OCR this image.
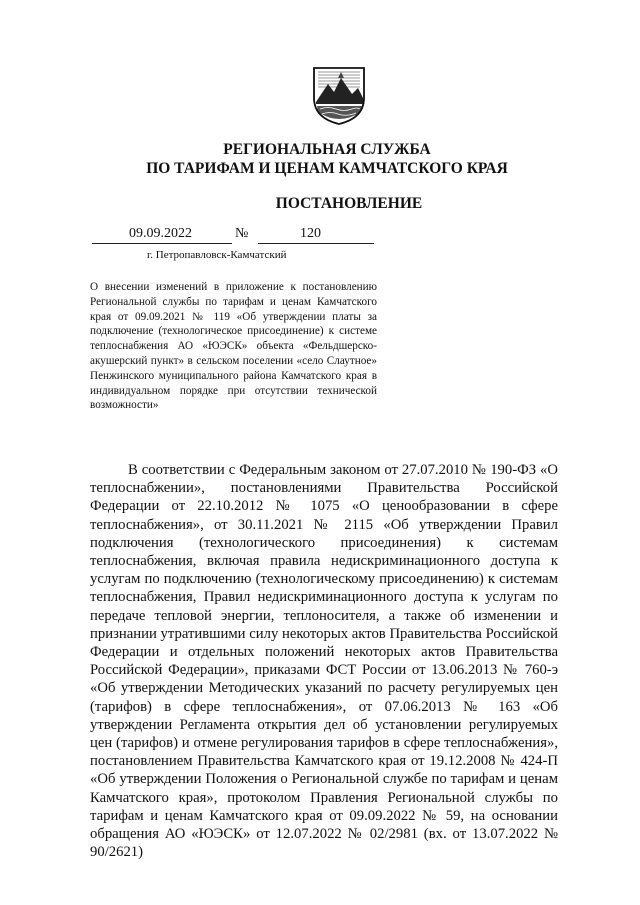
РЕГИОНАЛЬНАЯ СЛУЖБА
ПО ТАРИФАМ И ЦЕНАМ КАМЧАТСКОГО КРАЯ
ПОСТАНОВЛЕНИЕ
09.09.2022	№	120
г. Петропавловск-Камчатский
О внесении изменений в приложение к постановлению Региональной службы по тарифам и ценам Камчатского края от 09.09.2021 № 119 «Об утверждении платы за подключение (технологическое присоединение) к системе теплоснабжения АО «ЮЭСК» объекта «Фельдшерско-акушерский пункт» в сельском поселении «село Слаутное» Пенжинского муниципального района Камчатского края в индивидуальном порядке при отсутствии технической возможности»
В соответствии с Федеральным законом от 27.07.2010 № 190-ФЗ «О теплоснабжении», постановлениями Правительства Российской Федерации от 22.10.2012 № 1075 «О ценообразовании в сфере теплоснабжения», от 30.11.2021 № 2115 «Об утверждении Правил подключения (технологического присоединения) к системам теплоснабжения, включая правила недискриминационного доступа к услугам по подключению (технологическому присоединению) к системам теплоснабжения, Правил недискриминационного доступа к услугам по передаче тепловой энергии, теплоносителя, а также об изменении и признании утратившими силу некоторых актов Правительства Российской Федерации и отдельных положений некоторых актов Правительства Российской Федерации», приказами ФСТ России от 13.06.2013 № 760-э «Об утверждении Методических указаний по расчету регулируемых цен (тарифов) в сфере теплоснабжения», от 07.06.2013 № 163 «Об утверждении Регламента открытия дел об установлении регулируемых цен (тарифов) и отмене регулирования тарифов в сфере теплоснабжения», постановлением Правительства Камчатского края от 19.12.2008 № 424-П «Об утверждении Положения о Региональной службе по тарифам и ценам Камчатского края», протоколом Правления Региональной службы по тарифам и ценам Камчатского края от 09.09.2022 № 59, на основании обращения АО «ЮЭСК» от 12.07.2022 № 02/2981 (вх. от 13.07.2022 № 90/2621)
